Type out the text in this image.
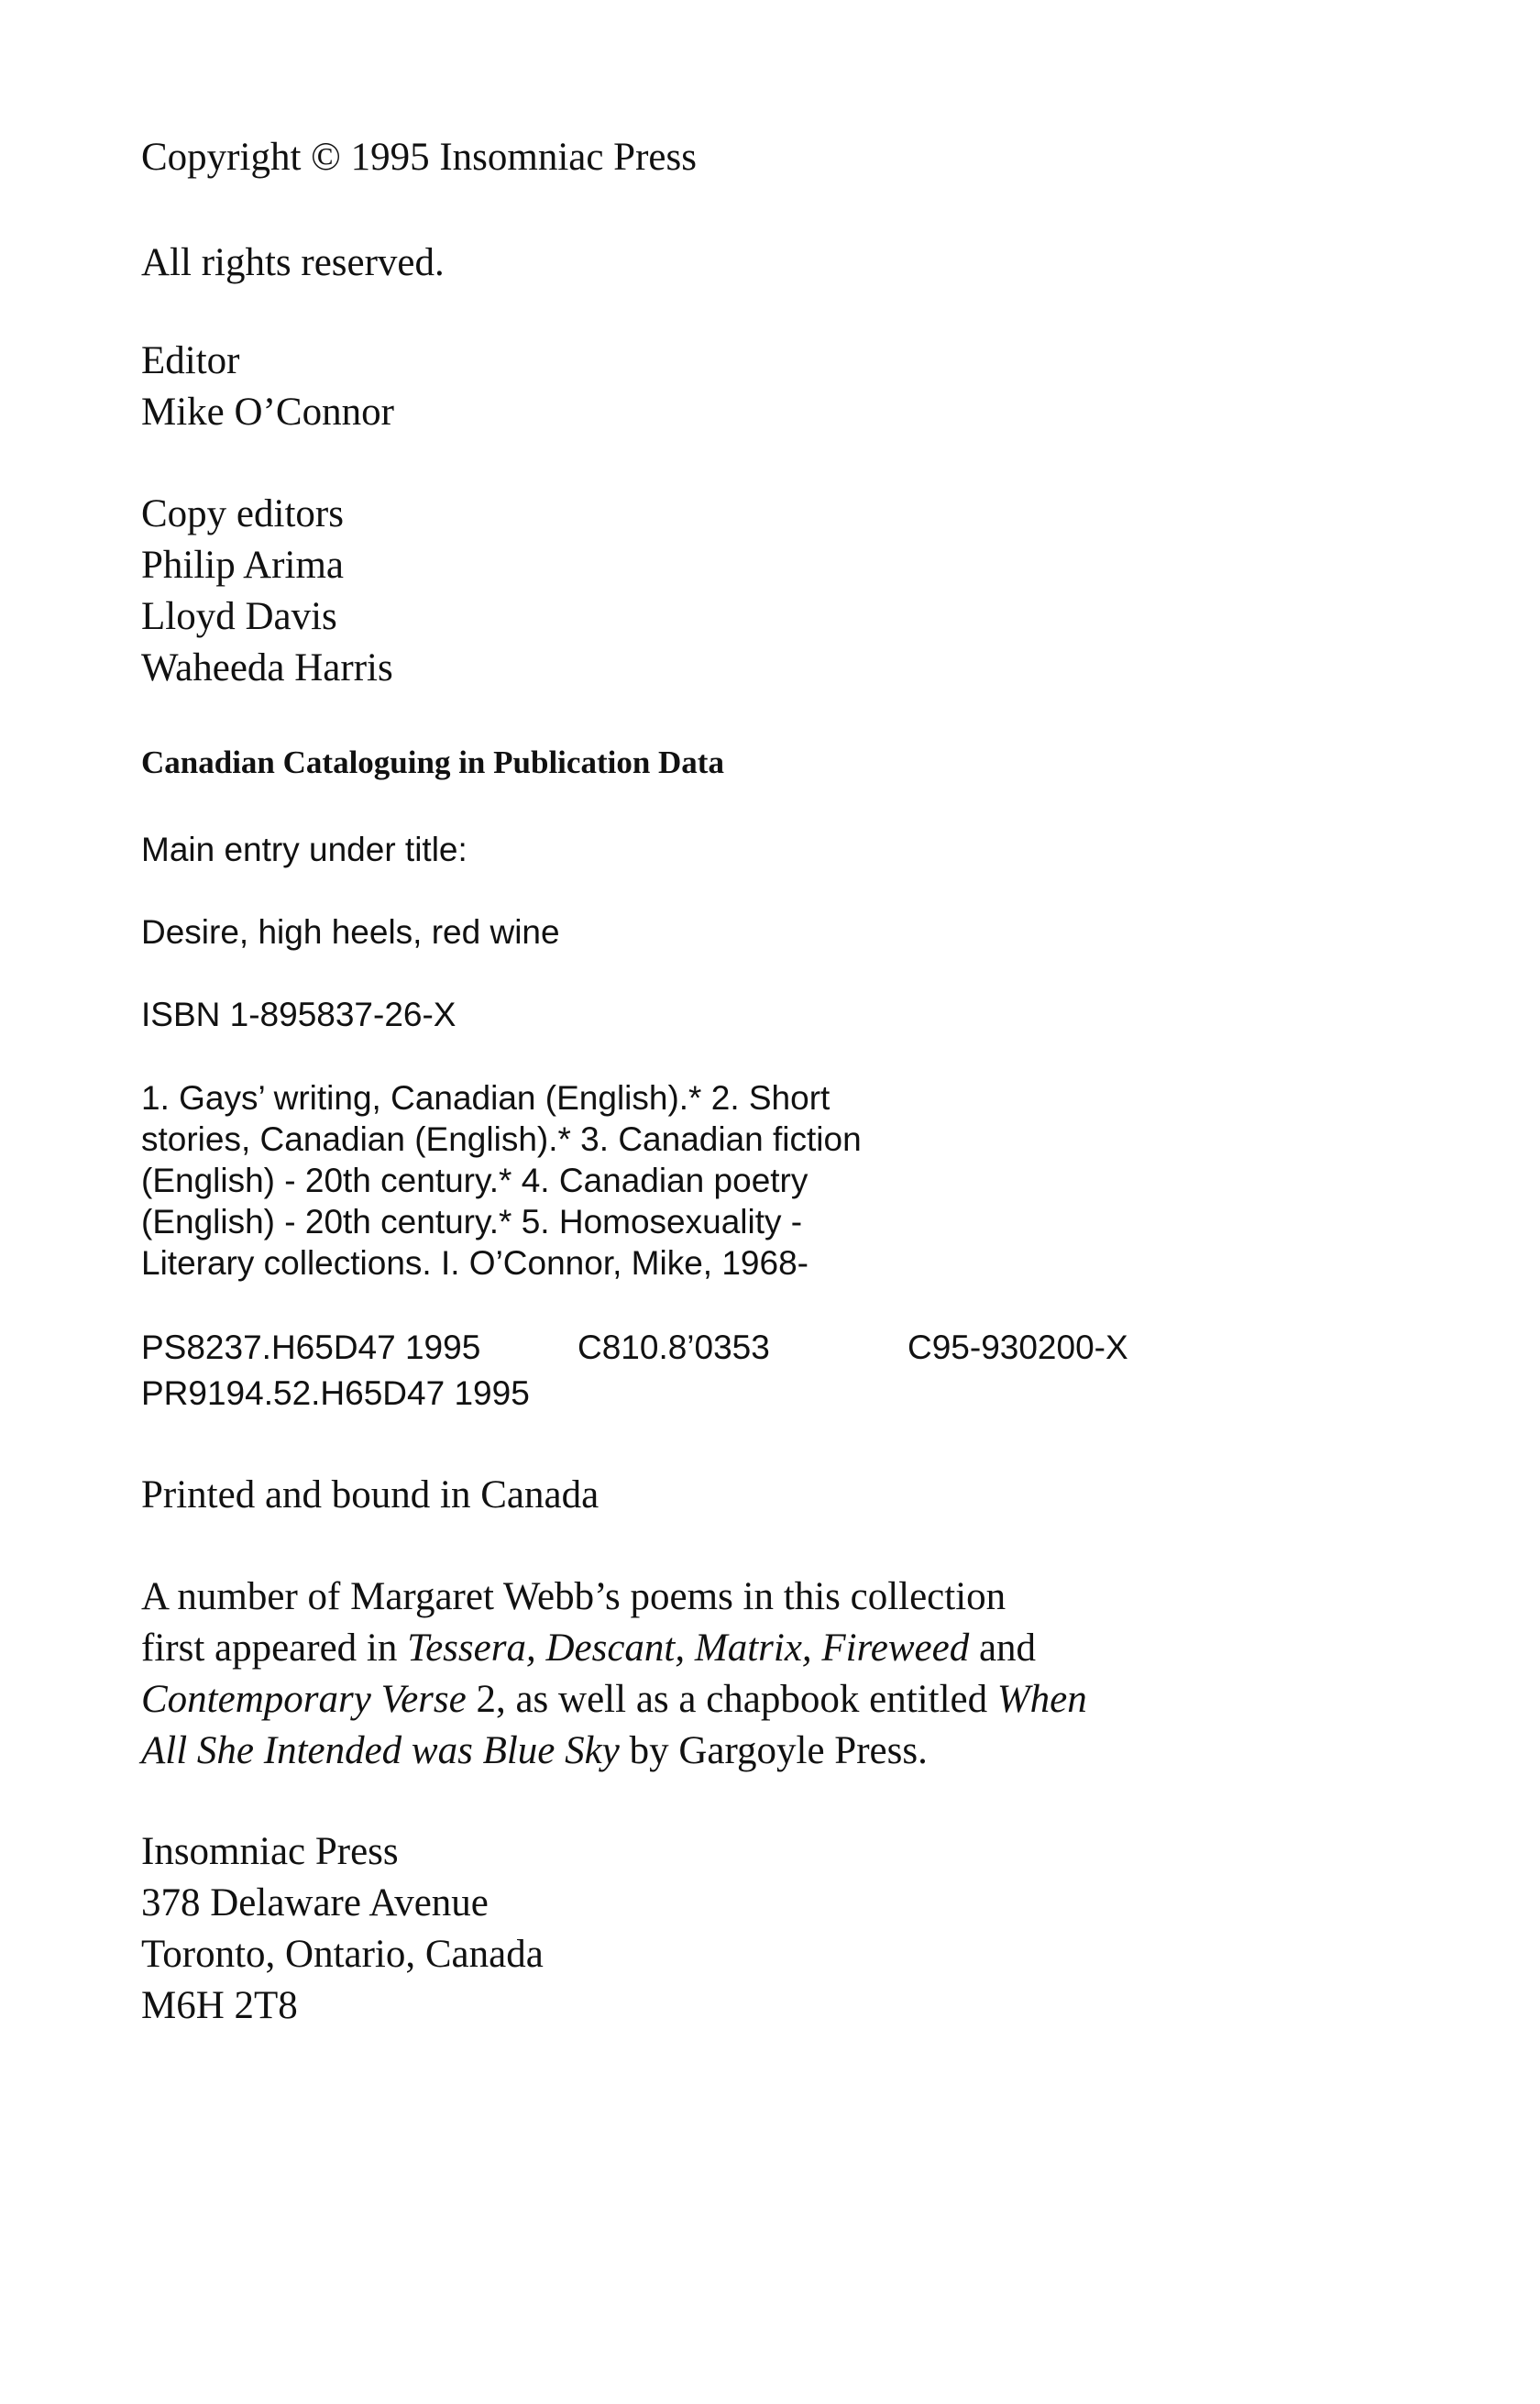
Copyright © 1995 Insomniac Press
All rights reserved.
Editor
Mike O’Connor
Copy editors
Philip Arima
Lloyd Davis
Waheeda Harris
Canadian Cataloguing in Publication Data
Main entry under title:
Desire, high heels, red wine
ISBN 1-895837-26-X
1. Gays’ writing, Canadian (English).* 2. Short
stories, Canadian (English).* 3. Canadian fiction
(English) - 20th century.* 4. Canadian poetry
(English) - 20th century.* 5. Homosexuality -
Literary collections. I. O’Connor, Mike, 1968-
PS8237.H65D47 1995	C810.8’0353	C95-930200-X
PR9194.52.H65D47 1995
Printed and bound in Canada
A number of Margaret Webb’s poems in this collection
first appeared in Tessera, Descant, Matrix, Fireweed and
Contemporary Verse 2, as well as a chapbook entitled When
All She Intended was Blue Sky by Gargoyle Press.
Insomniac Press
378 Delaware Avenue
Toronto, Ontario, Canada
M6H 2T8
